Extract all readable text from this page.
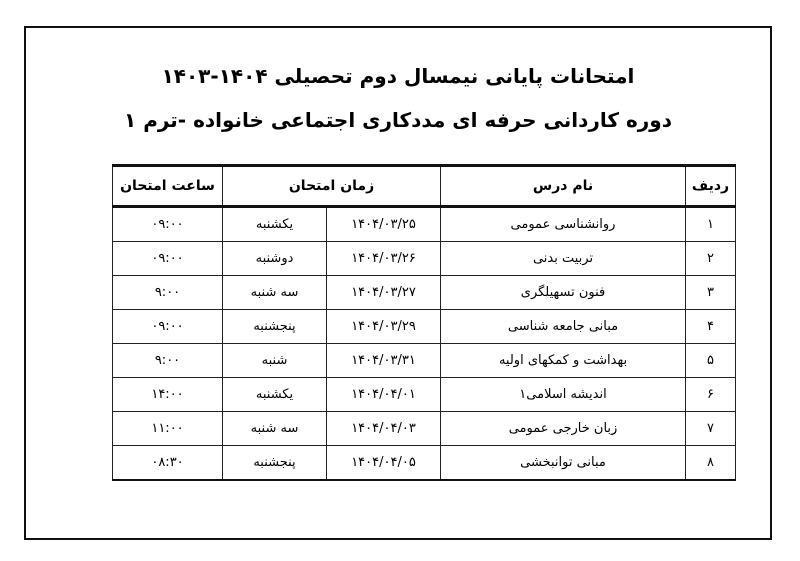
امتحانات پایانی نیمسال دوم تحصیلی ۱۴۰۴-۱۴۰۳
دوره کاردانی حرفه ای مددکاری اجتماعی خانواده -ترم ۱
ردیف	نام درس	زمان امتحان		ساعت امتحان
۱	روانشناسی عمومی	۱۴۰۴/۰۳/۲۵	یکشنبه	۰۹:۰۰
۲	تربیت بدنی	۱۴۰۴/۰۳/۲۶	دوشنبه	۰۹:۰۰
۳	فنون تسهیلگری	۱۴۰۴/۰۳/۲۷	سه شنبه	۹:۰۰
۴	مبانی جامعه شناسی	۱۴۰۴/۰۳/۲۹	پنجشنبه	۰۹:۰۰
۵	بهداشت و کمکهای اولیه	۱۴۰۴/۰۳/۳۱	شنبه	۹:۰۰
۶	اندیشه اسلامی۱	۱۴۰۴/۰۴/۰۱	یکشنبه	۱۴:۰۰
۷	زبان خارجی عمومی	۱۴۰۴/۰۴/۰۳	سه شنبه	۱۱:۰۰
۸	مبانی توانبخشی	۱۴۰۴/۰۴/۰۵	پنجشنبه	۰۸:۳۰
